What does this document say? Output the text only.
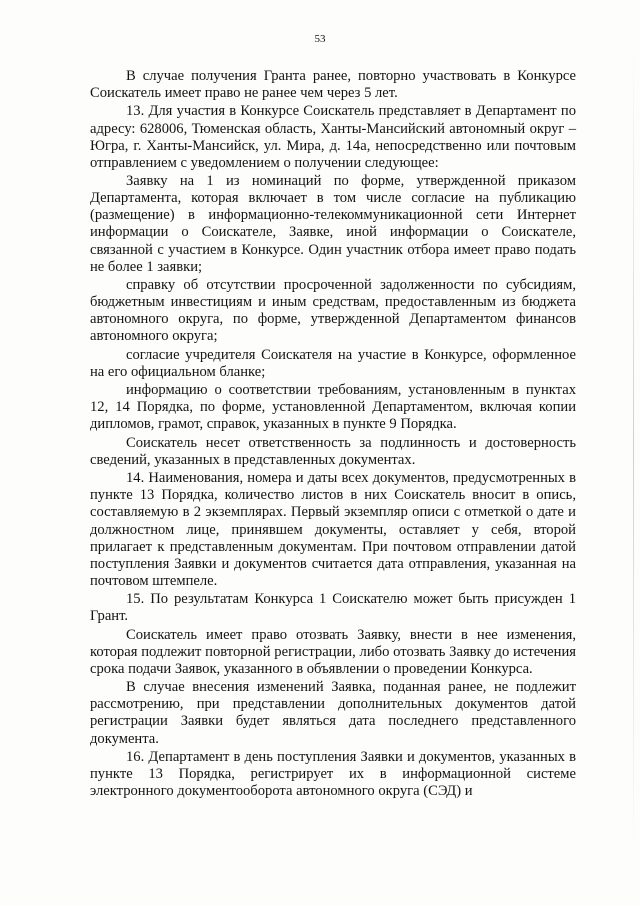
53

В случае получения Гранта ранее, повторно участвовать в Конкурсе Соискатель имеет право не ранее чем через 5 лет.

13. Для участия в Конкурсе Соискатель представляет в Департамент по адресу: 628006, Тюменская область, Ханты-Мансийский автономный округ – Югра, г. Ханты-Мансийск, ул. Мира, д. 14а, непосредственно или почтовым отправлением с уведомлением о получении следующее:

Заявку на 1 из номинаций по форме, утвержденной приказом Департамента, которая включает в том числе согласие на публикацию (размещение) в информационно-телекоммуникационной сети Интернет информации о Соискателе, Заявке, иной информации о Соискателе, связанной с участием в Конкурсе. Один участник отбора имеет право подать не более 1 заявки;

справку об отсутствии просроченной задолженности по субсидиям, бюджетным инвестициям и иным средствам, предоставленным из бюджета автономного округа, по форме, утвержденной Департаментом финансов автономного округа;

согласие учредителя Соискателя на участие в Конкурсе, оформленное на его официальном бланке;

информацию о соответствии требованиям, установленным в пунктах 12, 14 Порядка, по форме, установленной Департаментом, включая копии дипломов, грамот, справок, указанных в пункте 9 Порядка.

Соискатель несет ответственность за подлинность и достоверность сведений, указанных в представленных документах.

14. Наименования, номера и даты всех документов, предусмотренных в пункте 13 Порядка, количество листов в них Соискатель вносит в опись, составляемую в 2 экземплярах. Первый экземпляр описи с отметкой о дате и должностном лице, принявшем документы, оставляет у себя, второй прилагает к представленным документам. При почтовом отправлении датой поступления Заявки и документов считается дата отправления, указанная на почтовом штемпеле.

15. По результатам Конкурса 1 Соискателю может быть присужден 1 Грант.

Соискатель имеет право отозвать Заявку, внести в нее изменения, которая подлежит повторной регистрации, либо отозвать Заявку до истечения срока подачи Заявок, указанного в объявлении о проведении Конкурса.

В случае внесения изменений Заявка, поданная ранее, не подлежит рассмотрению, при представлении дополнительных документов датой регистрации Заявки будет являться дата последнего представленного документа.

16. Департамент в день поступления Заявки и документов, указанных в пункте 13 Порядка, регистрирует их в информационной системе электронного документооборота автономного округа (СЭД) и
